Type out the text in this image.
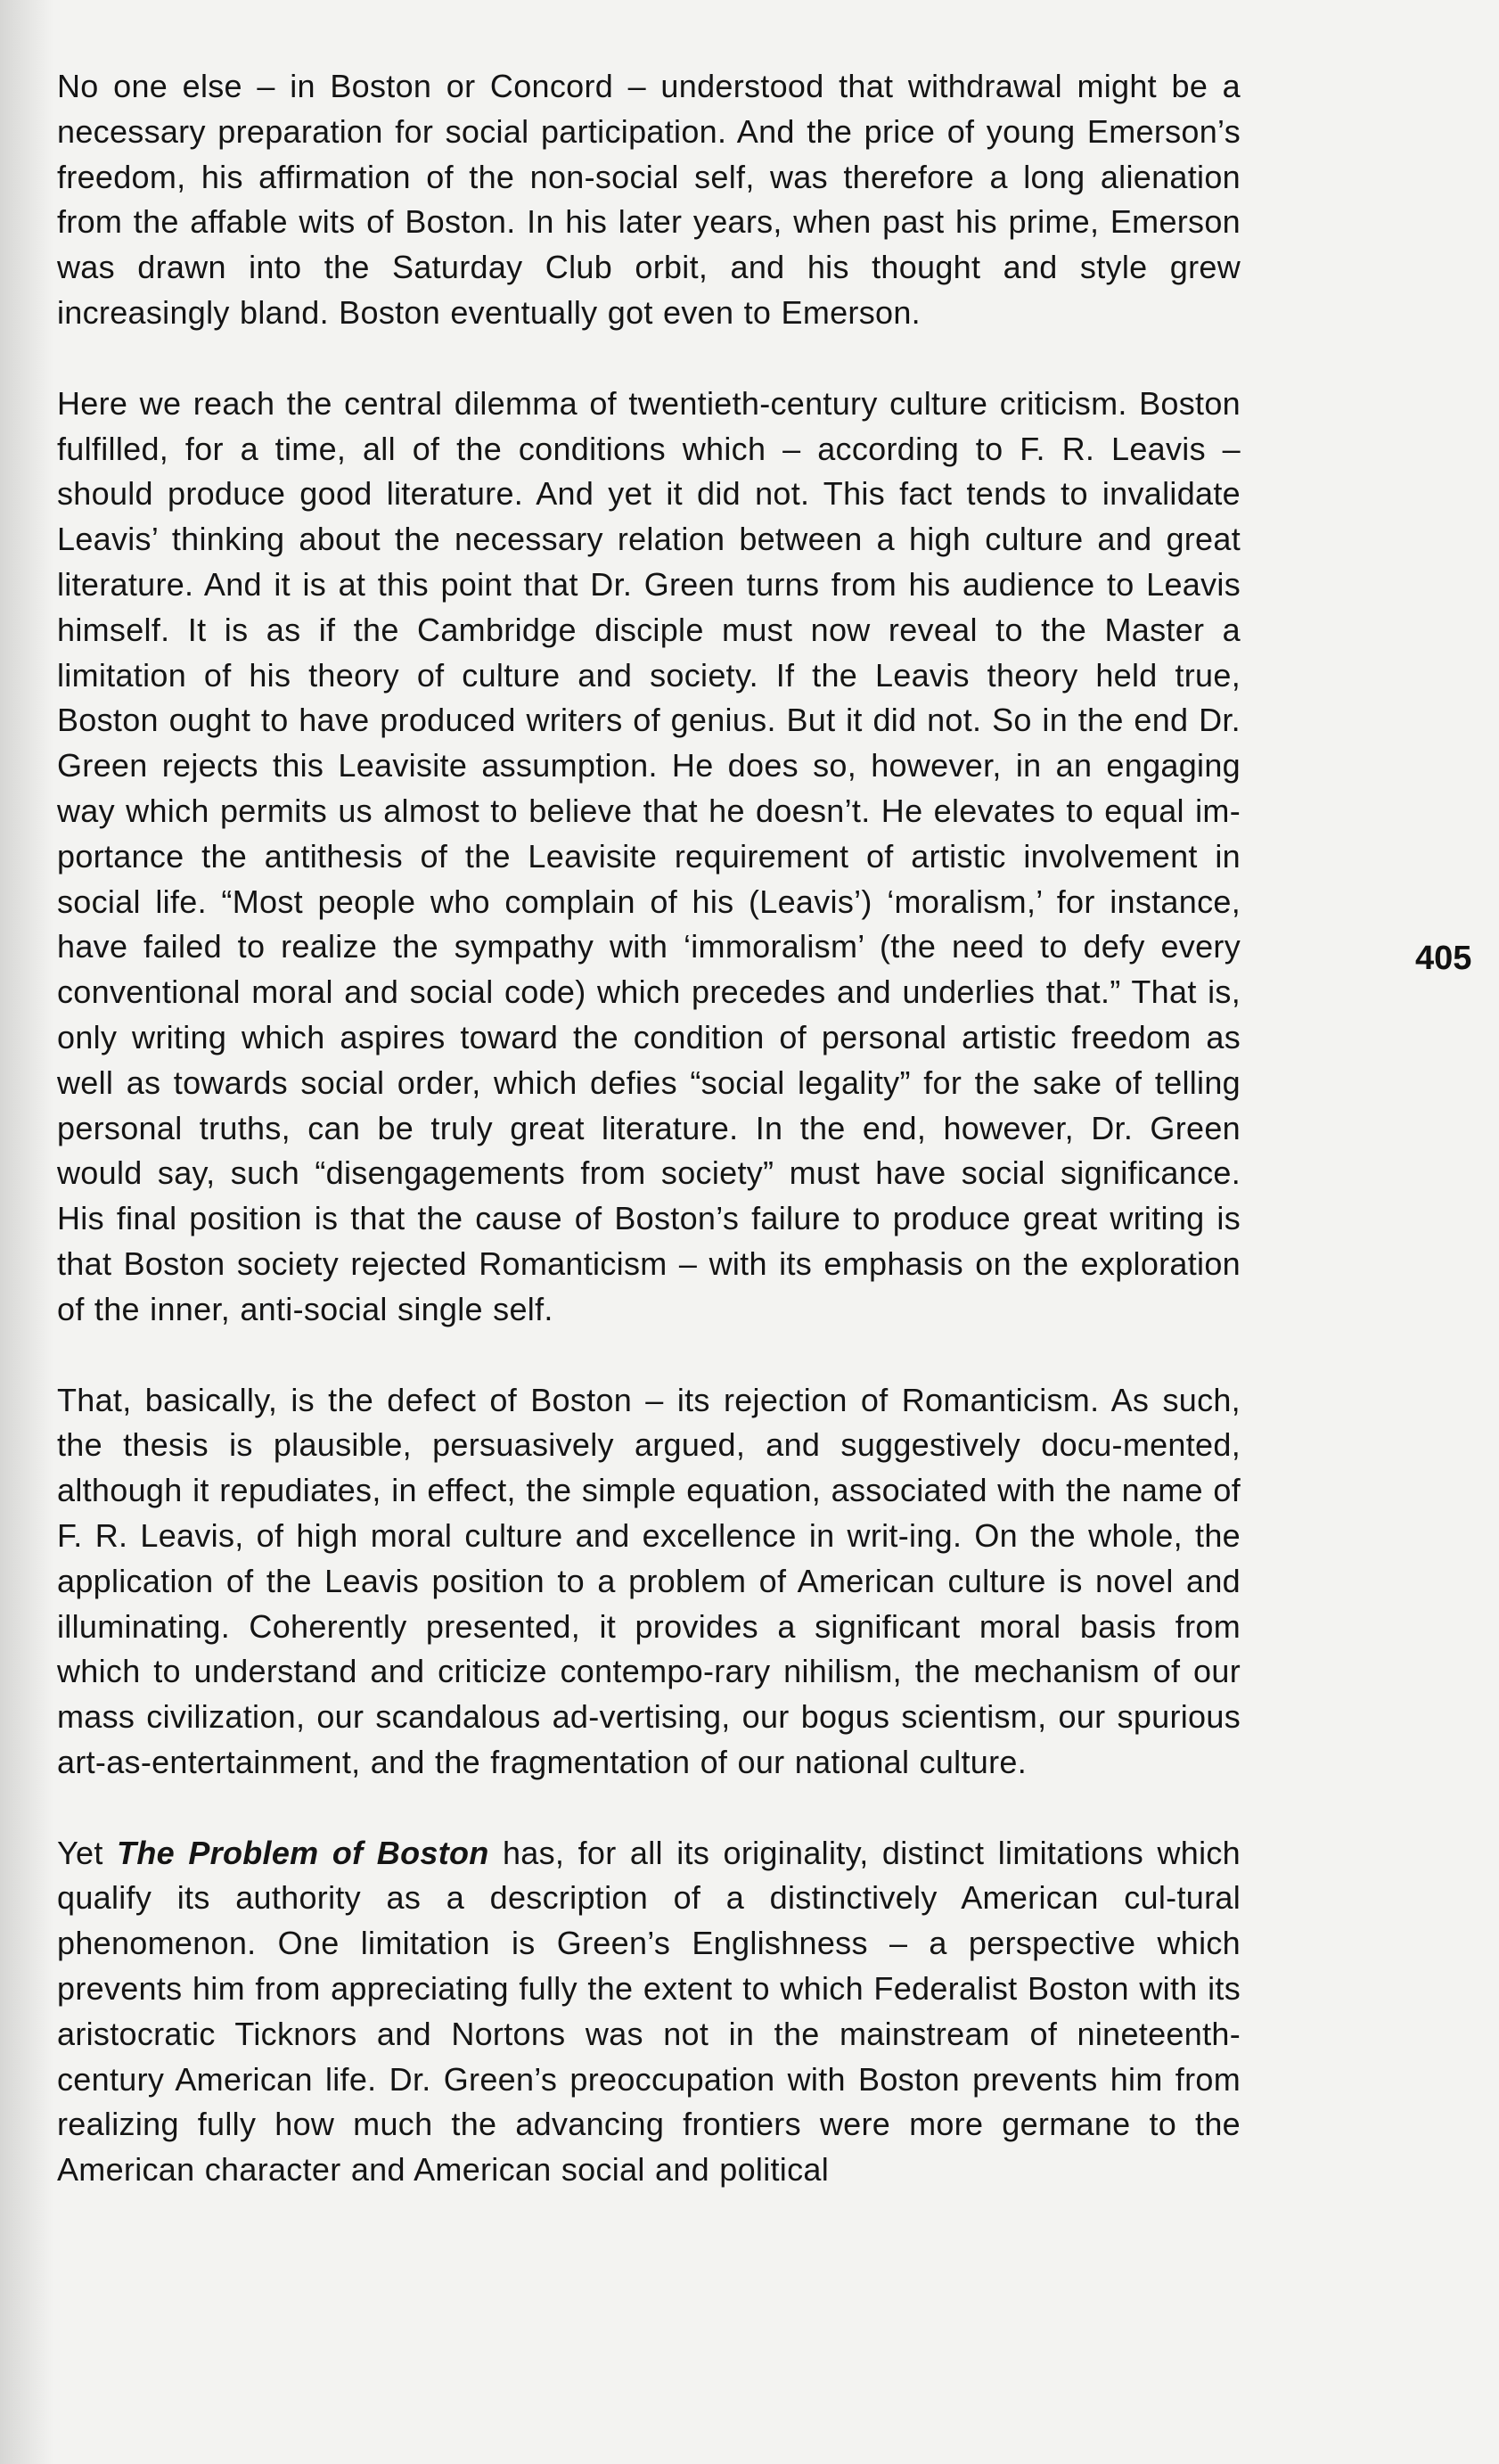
No one else – in Boston or Concord – understood that withdrawal might be a necessary preparation for social participation. And the price of young Emerson’s freedom, his affirmation of the non-social self, was therefore a long alienation from the affable wits of Boston. In his later years, when past his prime, Emerson was drawn into the Saturday Club orbit, and his thought and style grew increasingly bland. Boston eventually got even to Emerson.

Here we reach the central dilemma of twentieth-century culture criticism. Boston fulfilled, for a time, all of the conditions which – according to F. R. Leavis – should produce good literature. And yet it did not. This fact tends to invalidate Leavis’ thinking about the necessary relation between a high culture and great literature. And it is at this point that Dr. Green turns from his audience to Leavis himself. It is as if the Cambridge disciple must now reveal to the Master a limitation of his theory of culture and society. If the Leavis theory held true, Boston ought to have produced writers of genius. But it did not. So in the end Dr. Green rejects this Leavisite assumption. He does so, however, in an engaging way which permits us almost to believe that he doesn’t. He elevates to equal im-portance the antithesis of the Leavisite requirement of artistic involvement in social life. “Most people who complain of his (Leavis’) ‘moralism,’ for instance, have failed to realize the sympathy with ‘immoralism’ (the need to defy every conventional moral and social code) which precedes and underlies that.” That is, only writing which aspires toward the condition of personal artistic freedom as well as towards social order, which defies “social legality” for the sake of telling personal truths, can be truly great literature. In the end, however, Dr. Green would say, such “disengagements from society” must have social significance. His final position is that the cause of Boston’s failure to produce great writing is that Boston society rejected Romanticism – with its emphasis on the exploration of the inner, anti-social single self.

That, basically, is the defect of Boston – its rejection of Romanticism. As such, the thesis is plausible, persuasively argued, and suggestively docu-mented, although it repudiates, in effect, the simple equation, associated with the name of F. R. Leavis, of high moral culture and excellence in writ-ing. On the whole, the application of the Leavis position to a problem of American culture is novel and illuminating. Coherently presented, it provides a significant moral basis from which to understand and criticize contempo-rary nihilism, the mechanism of our mass civilization, our scandalous ad-vertising, our bogus scientism, our spurious art-as-entertainment, and the fragmentation of our national culture.

Yet The Problem of Boston has, for all its originality, distinct limitations which qualify its authority as a description of a distinctively American cul-tural phenomenon. One limitation is Green’s Englishness – a perspective which prevents him from appreciating fully the extent to which Federalist Boston with its aristocratic Ticknors and Nortons was not in the mainstream of nineteenth-century American life. Dr. Green’s preoccupation with Boston prevents him from realizing fully how much the advancing frontiers were more germane to the American character and American social and political

405
